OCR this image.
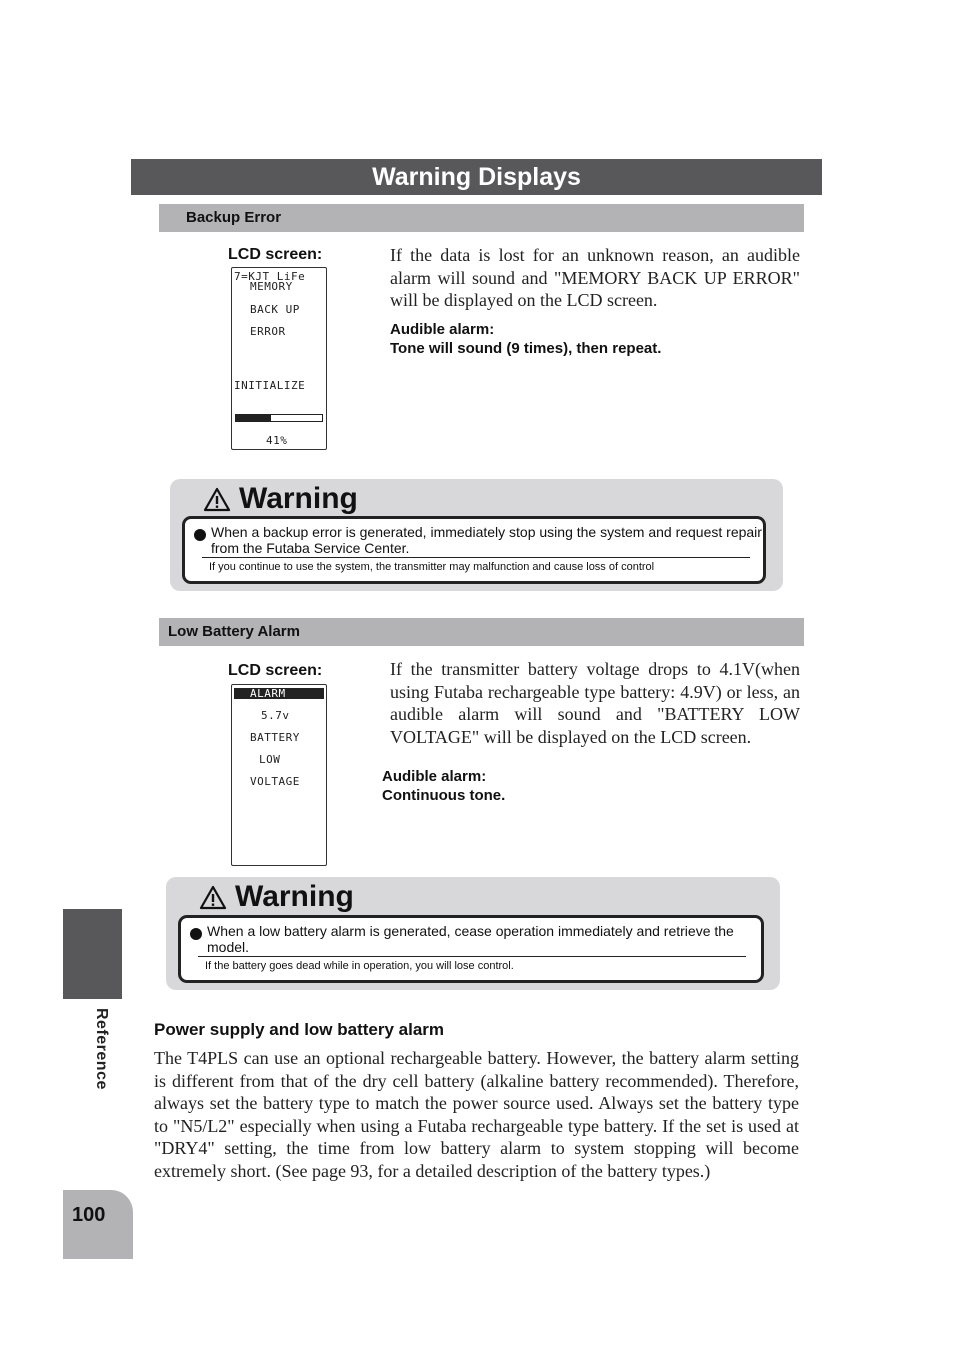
Warning Displays
Backup Error
LCD screen:
7=KJT LiFe
MEMORY
BACK UP
ERROR
INITIALIZE
41%
If the data is lost for an unknown reason, an audible alarm will sound and "MEMORY BACK UP ERROR" will be displayed on the LCD screen.
Audible alarm:
Tone will sound (9 times), then repeat.
Warning
! When a backup error is generated, immediately stop using the system and request repair from the Futaba Service Center.
If you continue to use the system, the transmitter may malfunction and cause loss of control
Low Battery Alarm
LCD screen:
ALARM
5.7v
BATTERY
LOW
VOLTAGE
If the transmitter battery voltage drops to 4.1V(when using Futaba rechargeable type battery: 4.9V) or less, an audible alarm will sound and "BATTERY LOW VOLTAGE" will be displayed on the LCD screen.
Audible alarm:
Continuous tone.
Warning
! When a low battery alarm is generated, cease operation immediately and retrieve the model.
If the battery goes dead while in operation, you will lose control.
Power supply and low battery alarm
The T4PLS can use an optional rechargeable battery. However, the battery alarm setting is different from that of the dry cell battery (alkaline battery recommended). Therefore, always set the battery type to match the power source used. Always set the battery type to "N5/L2" especially when using a Futaba rechargeable type battery. If the set is used at "DRY4" setting, the time from low battery alarm to system stopping will become extremely short. (See page 93, for a detailed description of the battery types.)
Reference
100
